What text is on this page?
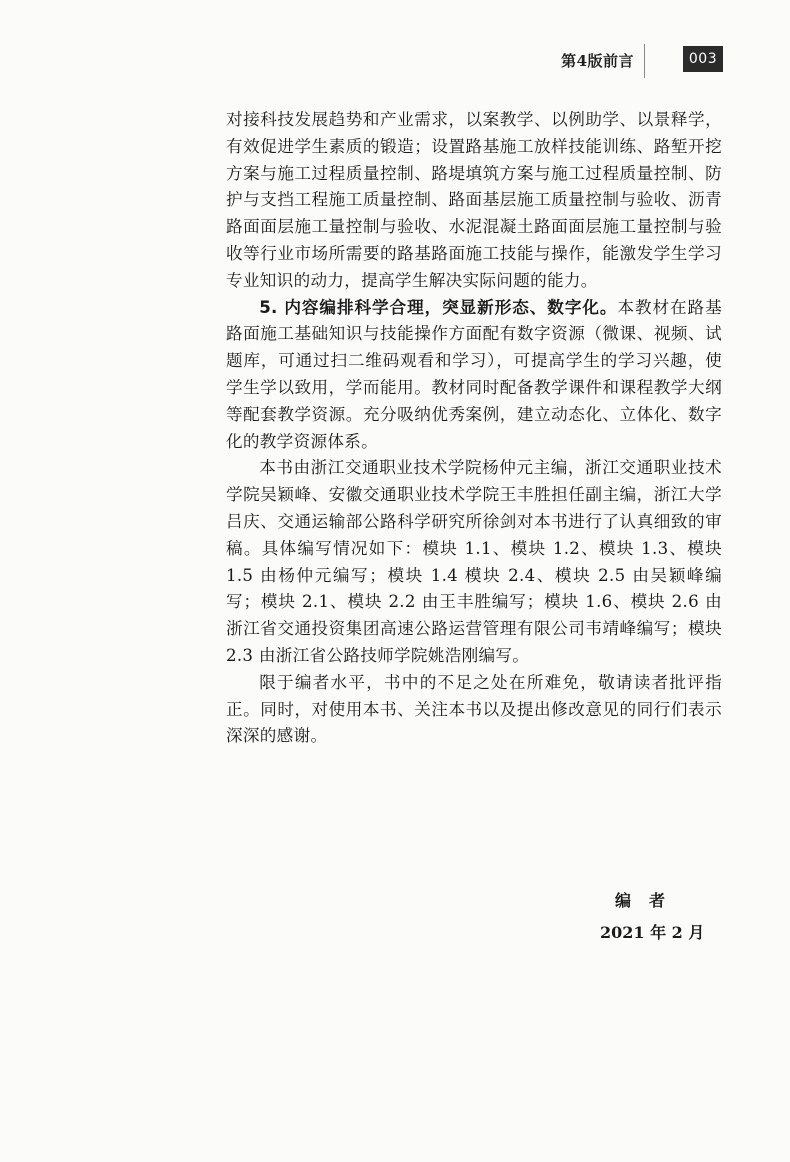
第4版前言	003

对接科技发展趋势和产业需求，以案教学、以例助学、以景释学，有效促进学生素质的锻造；设置路基施工放样技能训练、路堑开挖方案与施工过程质量控制、路堤填筑方案与施工过程质量控制、防护与支挡工程施工质量控制、路面基层施工质量控制与验收、沥青路面面层施工量控制与验收、水泥混凝土路面面层施工量控制与验收等行业市场所需要的路基路面施工技能与操作，能激发学生学习专业知识的动力，提高学生解决实际问题的能力。

5. 内容编排科学合理，突显新形态、数字化。本教材在路基路面施工基础知识与技能操作方面配有数字资源（微课、视频、试题库，可通过扫二维码观看和学习），可提高学生的学习兴趣，使学生学以致用，学而能用。教材同时配备教学课件和课程教学大纲等配套教学资源。充分吸纳优秀案例，建立动态化、立体化、数字化的教学资源体系。

本书由浙江交通职业技术学院杨仲元主编，浙江交通职业技术学院吴颖峰、安徽交通职业技术学院王丰胜担任副主编，浙江大学吕庆、交通运输部公路科学研究所徐剑对本书进行了认真细致的审稿。具体编写情况如下：模块 1.1、模块 1.2、模块 1.3、模块 1.5 由杨仲元编写；模块 1.4 模块 2.4、模块 2.5 由吴颖峰编写；模块 2.1、模块 2.2 由王丰胜编写；模块 1.6、模块 2.6 由浙江省交通投资集团高速公路运营管理有限公司韦靖峰编写；模块 2.3 由浙江省公路技师学院姚浩刚编写。

限于编者水平，书中的不足之处在所难免，敬请读者批评指正。同时，对使用本书、关注本书以及提出修改意见的同行们表示深深的感谢。

编者
2021 年 2 月
